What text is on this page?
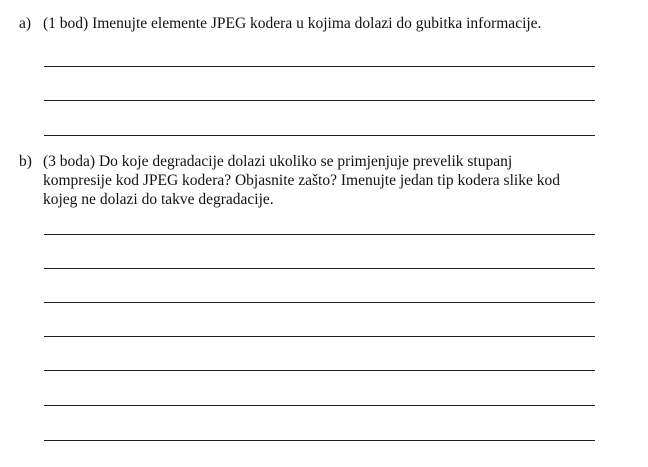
a) (1 bod) Imenujte elemente JPEG kodera u kojima dolazi do gubitka informacije.
b) (3 boda) Do koje degradacije dolazi ukoliko se primjenjuje prevelik stupanj
kompresije kod JPEG kodera? Objasnite zašto? Imenujte jedan tip kodera slike kod
kojeg ne dolazi do takve degradacije.
